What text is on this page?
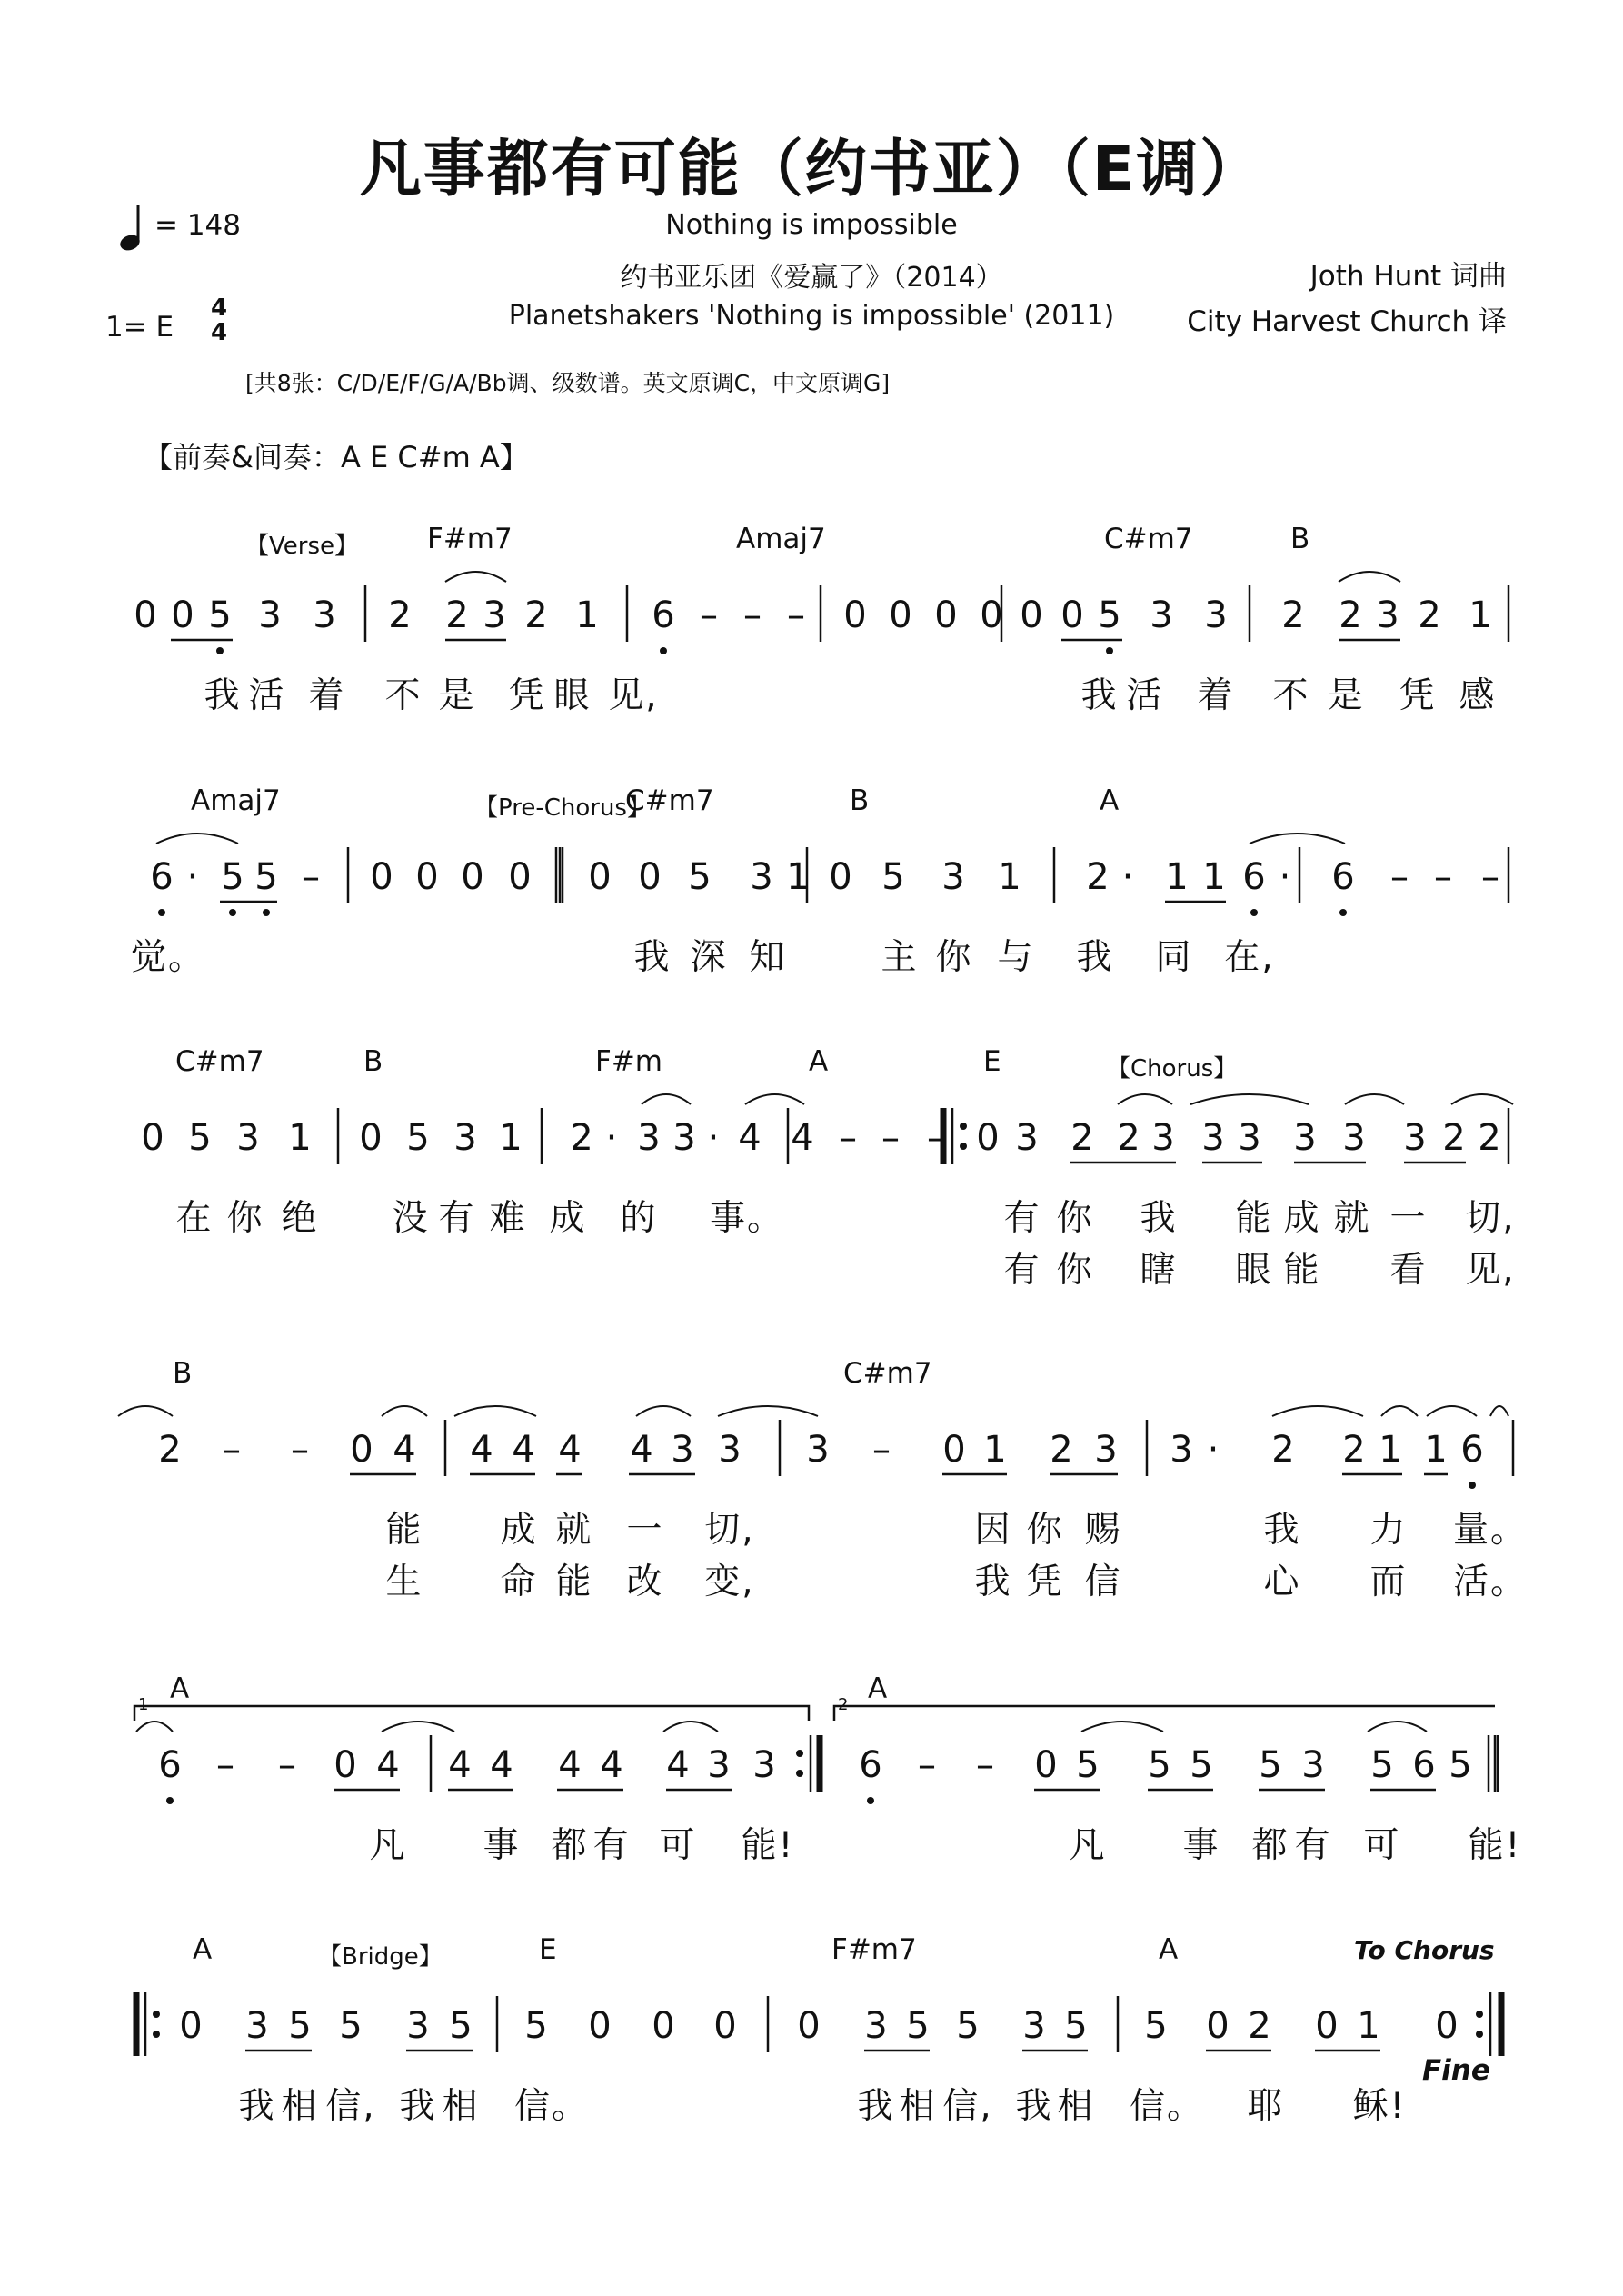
凡事都有可能（约书亚）（E调）
= 148	Nothing is impossible
约书亚乐团《爱赢了》（2014）
Planetshakers 'Nothing is impossible' (2011)
Joth Hunt 词曲
City Harvest Church 译
1= E
4
4
[共8张：C/D/E/F/G/A/Bb调、级数谱。英文原调C，中文原调G]
【前奏&间奏：A E C#m A】
【Verse】 F#m7	Amaj7	C#m7	B
0 0 5 3 3 2 2 3 2 1 6 – – – 0 0 0 0 0 0 5 3 3 2 2 3 2 1
我 活 着 不 是 凭 眼 见,	我 活 着 不 是 凭 感
【Pre-Chorus】
Amaj7	C#m7	B	A
6 · 5 5 – 0 0 0 0 0 0 5 3 1 0 5 3 1 2 · 1 1 6 · 6 – – –
觉。	我 深 知	主 你 与 我 同 在,
【Chorus】
C#m7	B	F#m	A	E
0 5 3 1 0 5 3 1 2 · 3 3 · 4 4 – – – 0 3 2 2 3 3 3 3 3 3 2 2
在 你 绝 没 有 难 成 的 事。	有 你 我 能 成 就 一 切,
有 你 瞎 眼 能 看 见,
B	C#m7
2 – – 0 4 4 4 4 4 3 3 3 – 0 1 2 3 3 · 2 2 1 1 6
能 成 就 一 切,	因 你 赐	我 力 量。
生 命 能 改 变,	我 凭 信	心 而 活。
A	A
6 – – 0 4 4 4 4 4 4 3 3 6 – – 0 5 5 5 5 3 5 6 5
凡 事 都 有 可 能!	凡 事 都 有 可 能!
1	2
【Bridge】
A	E	F#m7	A
0 3 5 5 3 5 5 0 0 0 0 3 5 5 3 5 5 0 2 0 1 0
我 相 信, 我 相 信。	我 相 信, 我 相 信。 耶 稣!
To Chorus
Fine
